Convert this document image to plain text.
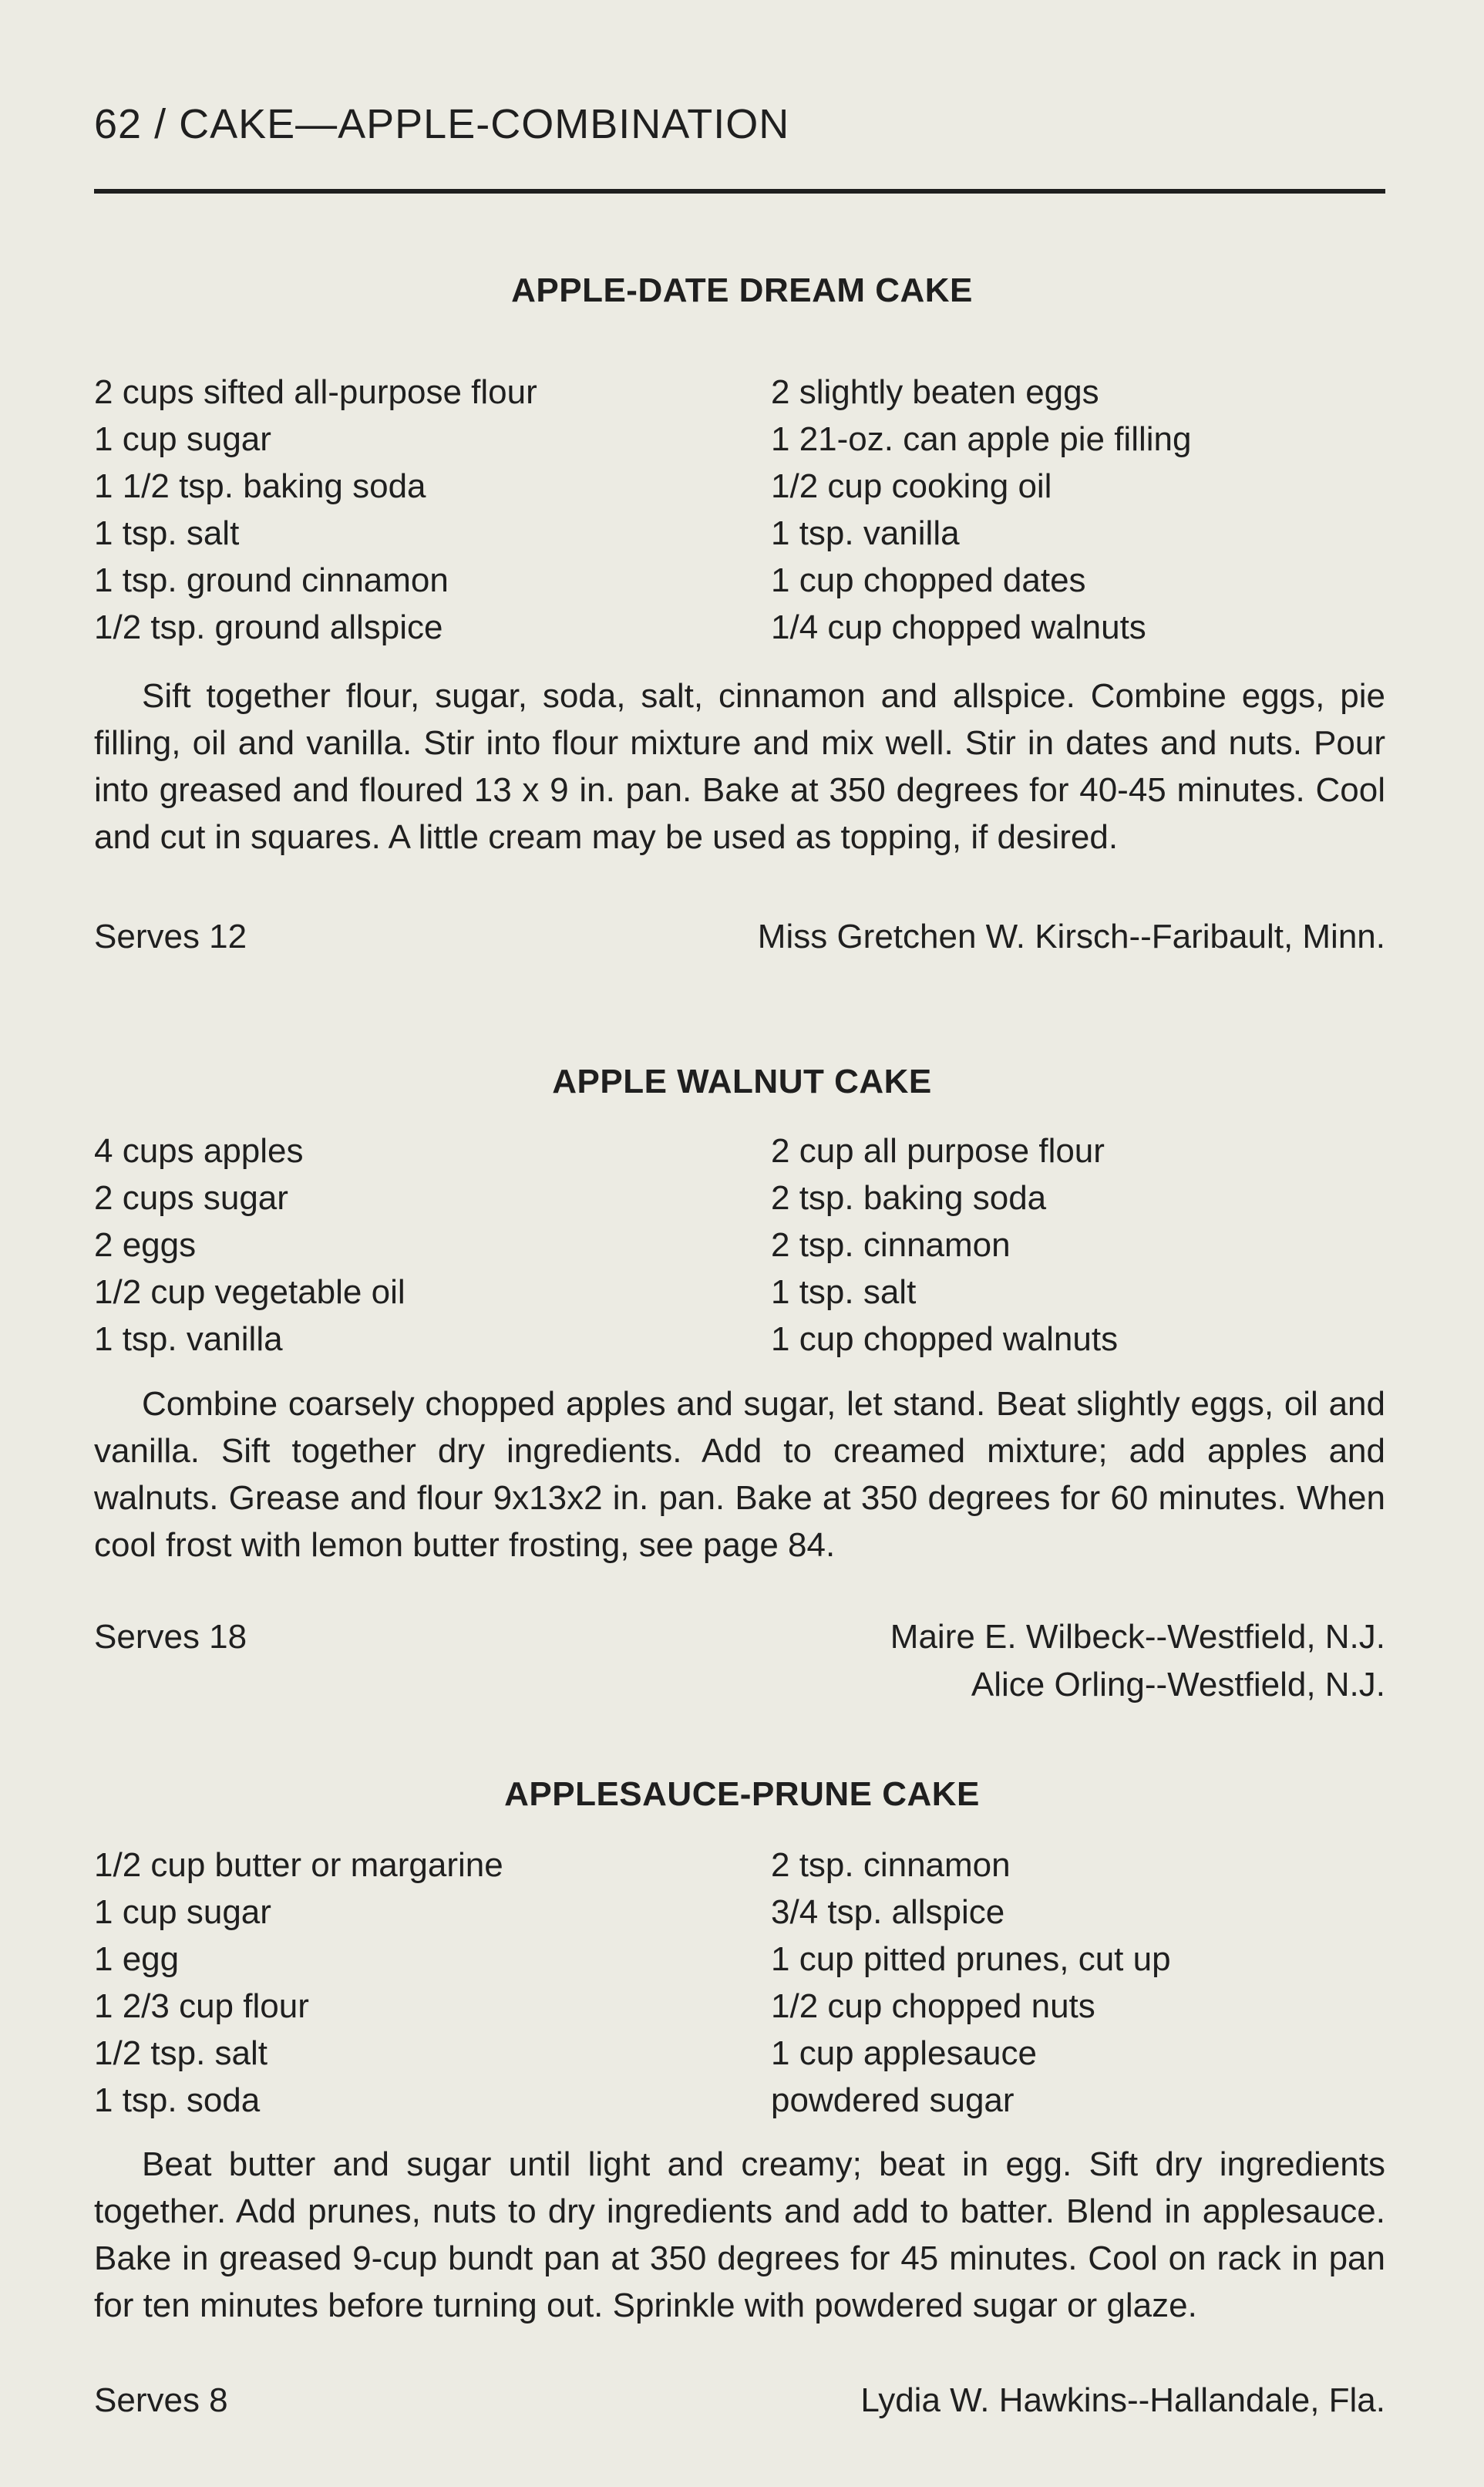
62 / CAKE—APPLE-COMBINATION
APPLE-DATE DREAM CAKE
2 cups sifted all-purpose flour
1 cup sugar
1 1/2 tsp. baking soda
1 tsp. salt
1 tsp. ground cinnamon
1/2 tsp. ground allspice
2 slightly beaten eggs
1 21-oz. can apple pie filling
1/2 cup cooking oil
1 tsp. vanilla
1 cup chopped dates
1/4 cup chopped walnuts
Sift together flour, sugar, soda, salt, cinnamon and allspice. Combine eggs, pie filling, oil and vanilla. Stir into flour mixture and mix well. Stir in dates and nuts. Pour into greased and floured 13 x 9 in. pan. Bake at 350 degrees for 40-45 minutes. Cool and cut in squares. A little cream may be used as topping, if desired.
Serves 12	Miss Gretchen W. Kirsch--Faribault, Minn.
APPLE WALNUT CAKE
4 cups apples
2 cups sugar
2 eggs
1/2 cup vegetable oil
1 tsp. vanilla
2 cup all purpose flour
2 tsp. baking soda
2 tsp. cinnamon
1 tsp. salt
1 cup chopped walnuts
Combine coarsely chopped apples and sugar, let stand. Beat slightly eggs, oil and vanilla. Sift together dry ingredients. Add to creamed mixture; add apples and walnuts. Grease and flour 9x13x2 in. pan. Bake at 350 degrees for 60 minutes. When cool frost with lemon butter frosting, see page 84.
Serves 18	Maire E. Wilbeck--Westfield, N.J.
Alice Orling--Westfield, N.J.
APPLESAUCE-PRUNE CAKE
1/2 cup butter or margarine
1 cup sugar
1 egg
1 2/3 cup flour
1/2 tsp. salt
1 tsp. soda
2 tsp. cinnamon
3/4 tsp. allspice
1 cup pitted prunes, cut up
1/2 cup chopped nuts
1 cup applesauce
powdered sugar
Beat butter and sugar until light and creamy; beat in egg. Sift dry ingredients together. Add prunes, nuts to dry ingredients and add to batter. Blend in applesauce. Bake in greased 9-cup bundt pan at 350 degrees for 45 minutes. Cool on rack in pan for ten minutes before turning out. Sprinkle with powdered sugar or glaze.
Serves 8	Lydia W. Hawkins--Hallandale, Fla.
